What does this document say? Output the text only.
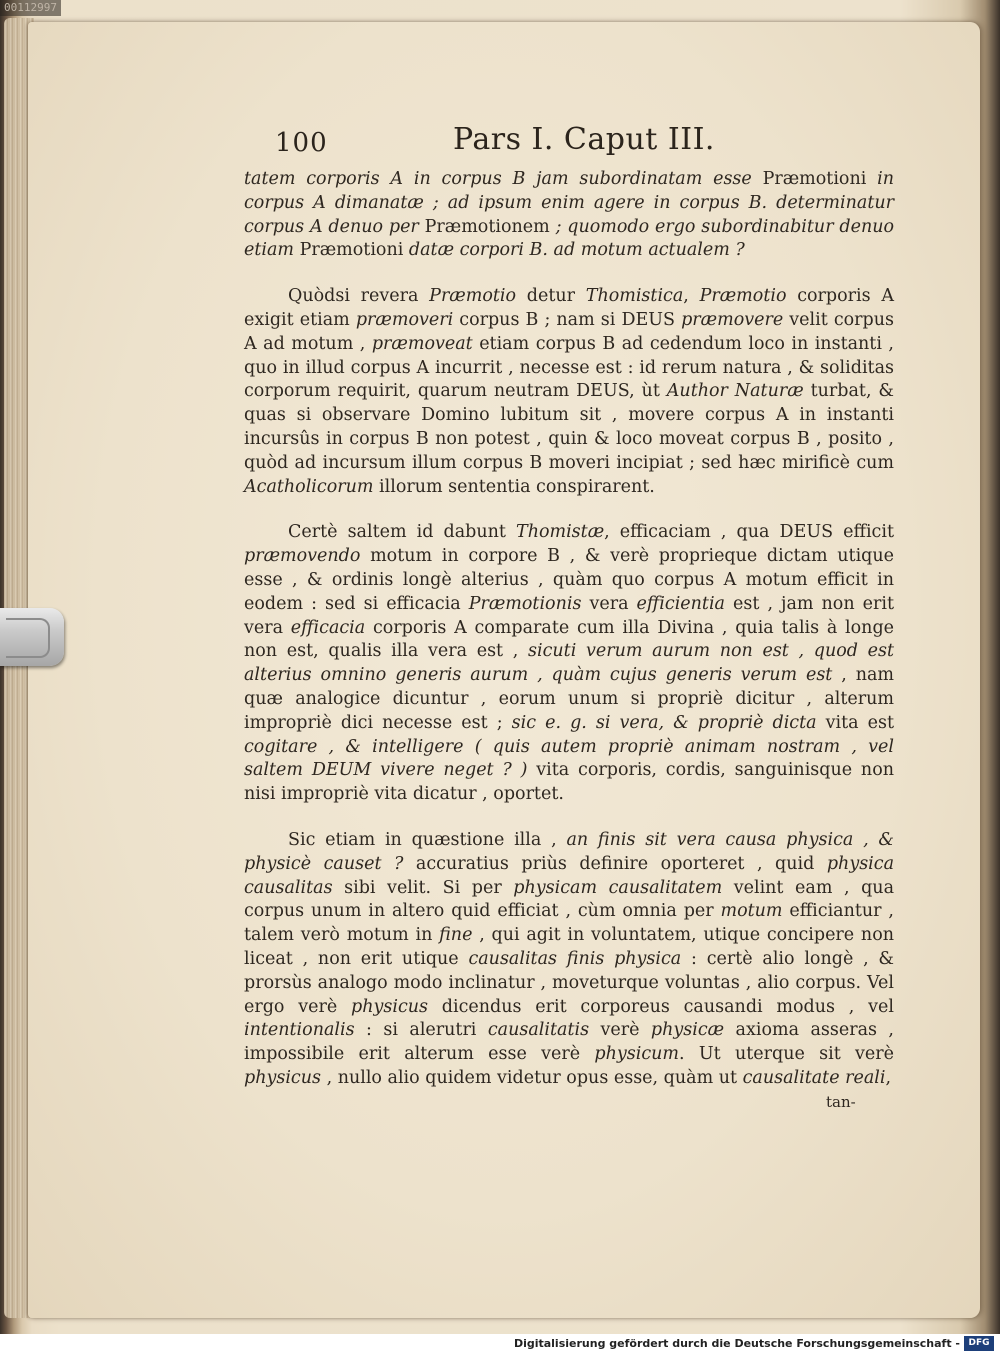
00112997
100	Pars I. Caput III.

tatem corporis A in corpus B jam subordinatam esse Præmotioni in corpus A dimanatæ ; ad ipsum enim agere in corpus B. determinatur corpus A denuo per Præmotionem ; quomodo ergo subordinabitur denuo etiam Præmotioni datæ corpori B. ad motum actualem ?

Quòdsi revera Præmotio detur Thomistica, Præmotio corporis A exigit etiam præmoveri corpus B ; nam si DEUS præmovere velit corpus A ad motum , præmoveat etiam corpus B ad cedendum loco in instanti , quo in illud corpus A incurrit , necesse est : id rerum natura , & soliditas corporum requirit, quarum neutram DEUS, ùt Author Naturæ turbat, & quas si observare Domino lubitum sit , movere corpus A in instanti incursûs in corpus B non potest , quin & loco moveat corpus B , posito , quòd ad incursum illum corpus B moveri incipiat ; sed hæc mirificè cum Acatholicorum illorum sententia conspirarent.

Certè saltem id dabunt Thomistæ, efficaciam , qua DEUS efficit præmovendo motum in corpore B , & verè proprieque dictam utique esse , & ordinis longè alterius , quàm quo corpus A motum efficit in eodem : sed si efficacia Præmotionis vera efficientia est , jam non erit vera efficacia corporis A comparate cum illa Divina , quia talis à longe non est, qualis illa vera est , sicuti verum aurum non est , quod est alterius omnino generis aurum , quàm cujus generis verum est , nam quæ analogice dicuntur , eorum unum si propriè dicitur , alterum impropriè dici necesse est ; sic e. g. si vera, & propriè dicta vita est cogitare , & intelligere ( quis autem propriè animam nostram , vel saltem DEUM vivere neget ? ) vita corporis, cordis, sanguinisque non nisi impropriè vita dicatur , oportet.

Sic etiam in quæstione illa , an finis sit vera causa physica , & physicè causet ? accuratius priùs definire oporteret , quid physica causalitas sibi velit. Si per physicam causalitatem velint eam , qua corpus unum in altero quid efficiat , cùm omnia per motum efficiantur , talem verò motum in fine , qui agit in voluntatem, utique concipere non liceat , non erit utique causalitas finis physica : certè alio longè , & prorsùs analogo modo inclinatur , moveturque voluntas , alio corpus. Vel ergo verè physicus dicendus erit corporeus causandi modus , vel intentionalis : si alerutri causalitatis verè physicæ axioma asseras , impossibile erit alterum esse verè physicum. Ut uterque sit verè physicus , nullo alio quidem videtur opus esse, quàm ut causalitate reali,

tan-
Digitalisierung gefördert durch die Deutsche Forschungsgemeinschaft - DFG
